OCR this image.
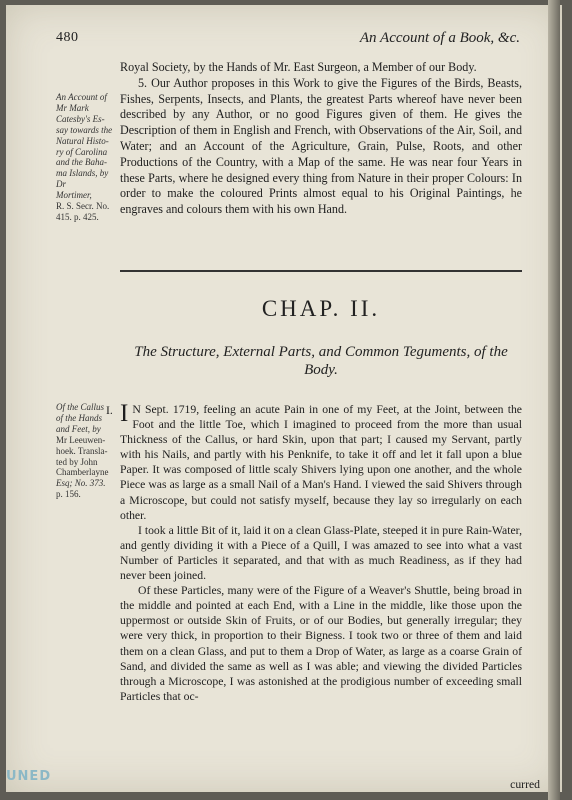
480	An Account of a Book, &c.
An Account of
Mr Mark
Catesby's Es-
say towards the
Natural Histo-
ry of Carolina
and the Baha-
ma Islands, by Dr
Mortimer,
R. S. Secr. No.
415. p. 425.

Royal Society, by the Hands of Mr. East Surgeon, a Member of our Body.

5. Our Author proposes in this Work to give the Figures of the Birds, Beasts, Fishes, Serpents, Insects, and Plants, the greatest Parts whereof have never been described by any Author, or no good Figures given of them. He gives the Description of them in English and French, with Observations of the Air, Soil, and Water; and an Account of the Agriculture, Grain, Pulse, Roots, and other Productions of the Country, with a Map of the same. He was near four Years in these Parts, where he designed every thing from Nature in their proper Colours: In order to make the coloured Prints almost equal to his Original Paintings, he engraves and colours them with his own Hand.

CHAP. II.
The Structure, External Parts, and Common Teguments, of the Body.
Of the Callus
of the Hands
and Feet, by
Mr Leeuwen-
hoek. Transla-
ted by John
Chamberlayne
Esq; No. 373.
p. 156.
I. I N Sept. 1719, feeling an acute Pain in one of my Feet, at the Joint, between the Foot and the little Toe, which I imagined to proceed from the more than usual Thickness of the Callus, or hard Skin, upon that part; I caused my Servant, partly with his Nails, and partly with his Penknife, to take it off and let it fall upon a blue Paper. It was composed of little scaly Shivers lying upon one another, and the whole Piece was as large as a small Nail of a Man's Hand. I viewed the said Shivers through a Microscope, but could not satisfy myself, because they lay so irregularly on each other.

I took a little Bit of it, laid it on a clean Glass-Plate, steeped it in pure Rain-Water, and gently dividing it with a Piece of a Quill, I was amazed to see into what a vast Number of Particles it separated, and that with as much Readiness, as if they had never been joined.

Of these Particles, many were of the Figure of a Weaver's Shuttle, being broad in the middle and pointed at each End, with a Line in the middle, like those upon the uppermost or outside Skin of Fruits, or of our Bodies, but generally irregular; they were very thick, in proportion to their Bigness. I took two or three of them and laid them on a clean Glass, and put to them a Drop of Water, as large as a coarse Grain of Sand, and divided the same as well as I was able; and viewing the divided Particles through a Microscope, I was astonished at the prodigious number of exceeding small Particles that oc-

curred
UNED
